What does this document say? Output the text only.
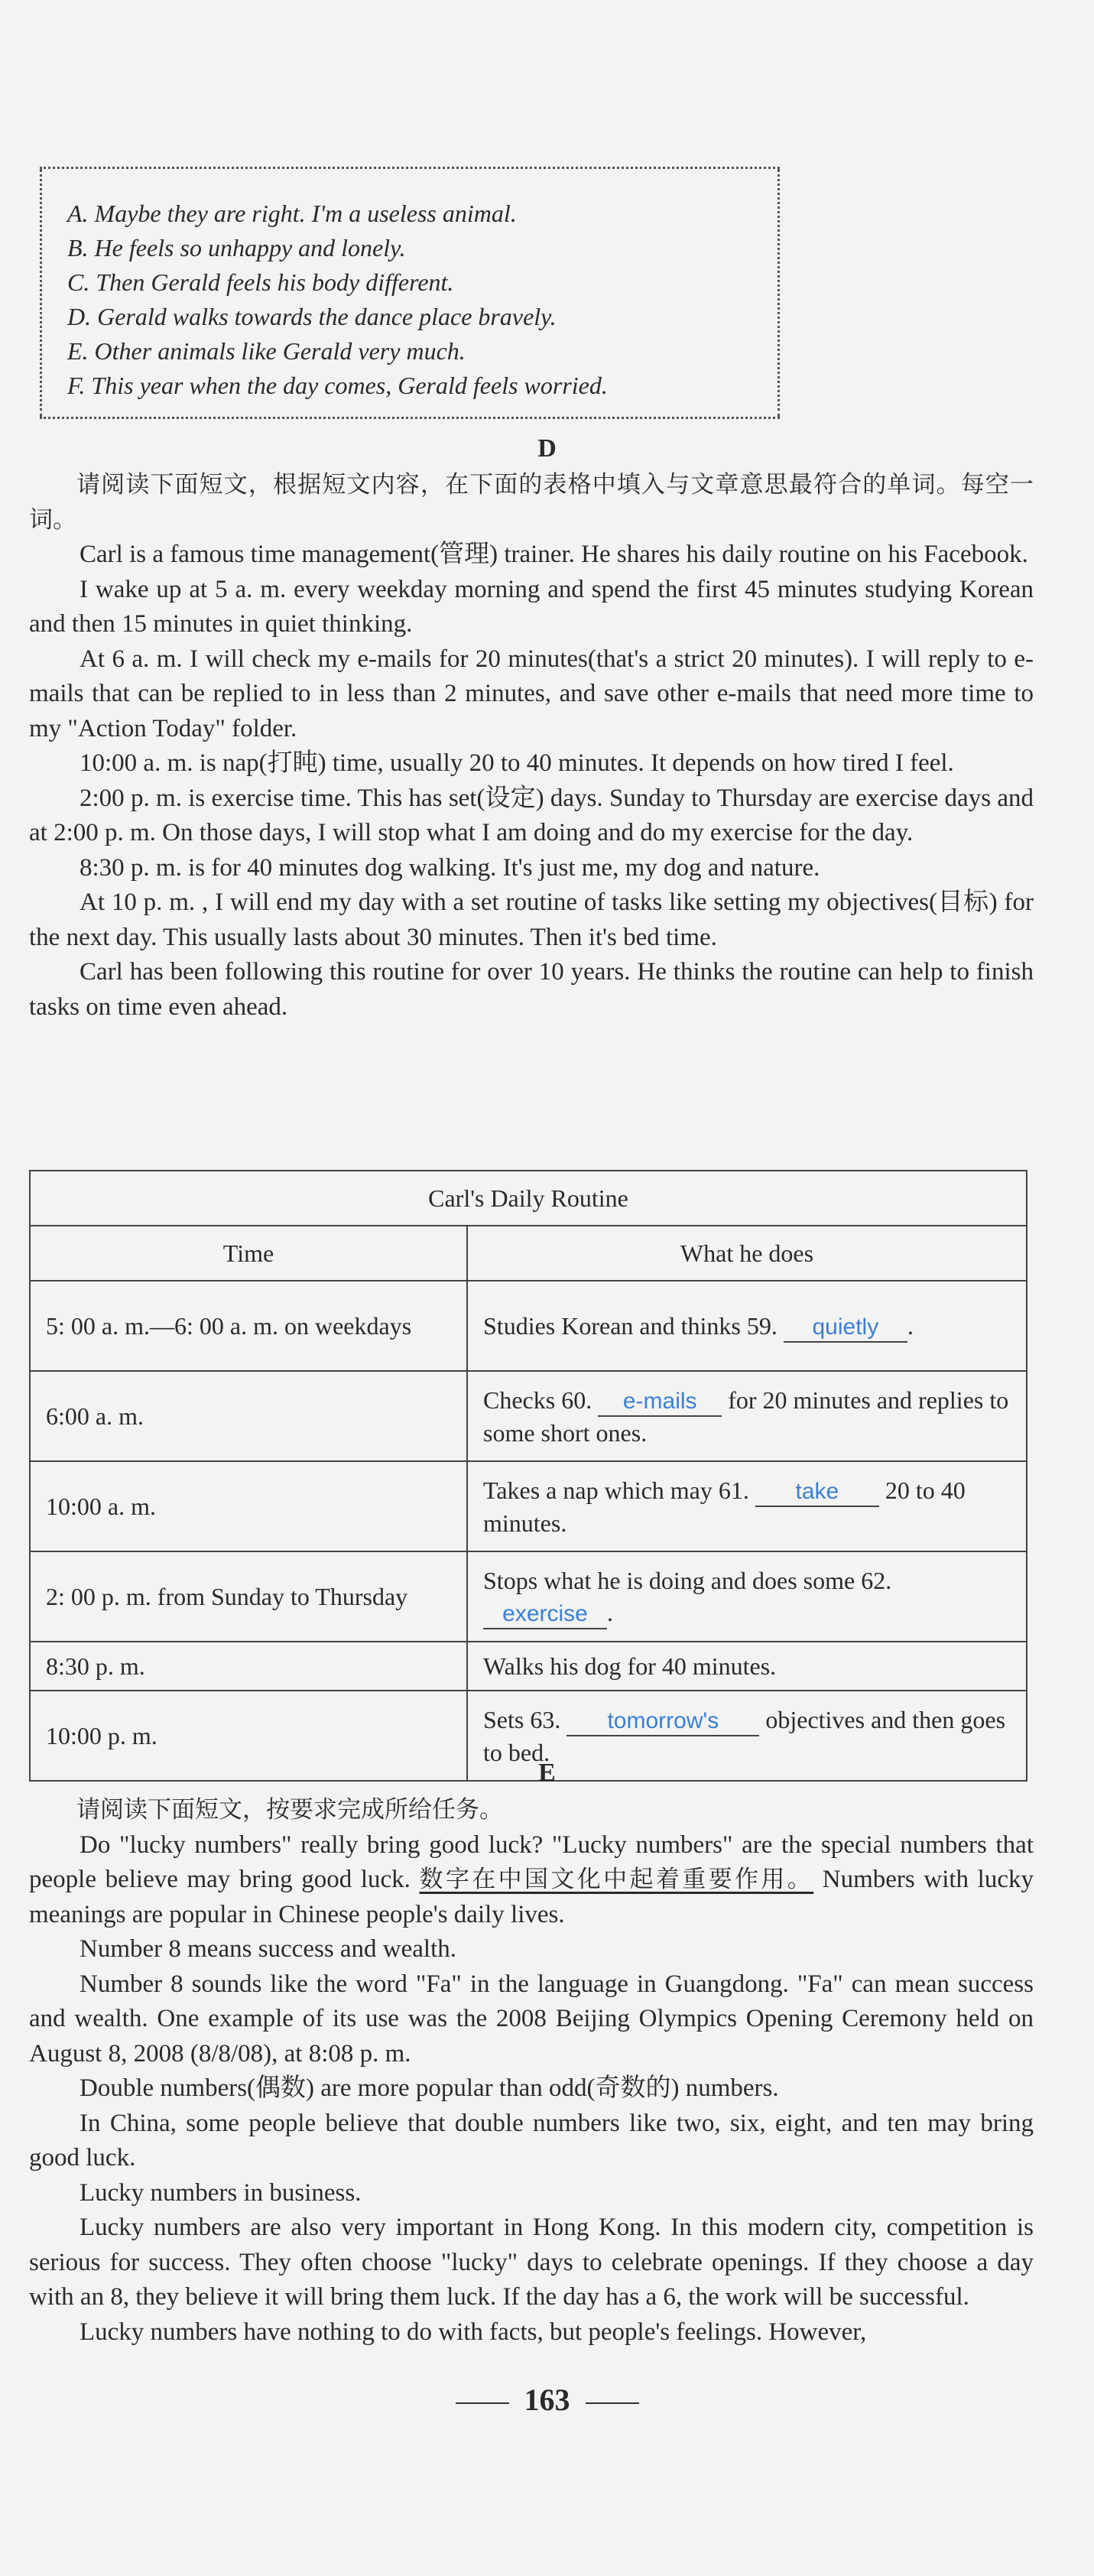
A. Maybe they are right. I'm a useless animal.
B. He feels so unhappy and lonely.
C. Then Gerald feels his body different.
D. Gerald walks towards the dance place bravely.
E. Other animals like Gerald very much.
F. This year when the day comes, Gerald feels worried.
D

请阅读下面短文，根据短文内容，在下面的表格中填入与文章意思最符合的单词。每空一词。

Carl is a famous time management(管理) trainer. He shares his daily routine on his Facebook.

I wake up at 5 a. m. every weekday morning and spend the first 45 minutes studying Korean and then 15 minutes in quiet thinking.

At 6 a. m. I will check my e-mails for 20 minutes(that's a strict 20 minutes). I will reply to e-mails that can be replied to in less than 2 minutes, and save other e-mails that need more time to my "Action Today" folder.

10:00 a. m. is nap(打盹) time, usually 20 to 40 minutes. It depends on how tired I feel.

2:00 p. m. is exercise time. This has set(设定) days. Sunday to Thursday are exercise days and at 2:00 p. m. On those days, I will stop what I am doing and do my exercise for the day.

8:30 p. m. is for 40 minutes dog walking. It's just me, my dog and nature.

At 10 p. m. , I will end my day with a set routine of tasks like setting my objectives(目标) for the next day. This usually lasts about 30 minutes. Then it's bed time.

Carl has been following this routine for over 10 years. He thinks the routine can help to finish tasks on time even ahead.

Carl's Daily Routine	
Time	What he does
5: 00 a. m.—6: 00 a. m. on weekdays	Studies Korean and thinks 59. quietly .
6:00 a. m.	Checks 60. e-mails for 20 minutes and replies to some short ones.
10:00 a. m.	Takes a nap which may 61. take 20 to 40 minutes.
2: 00 p. m. from Sunday to Thursday	Stops what he is doing and does some 62. exercise .
8:30 p. m.	Walks his dog for 40 minutes.
10:00 p. m.	Sets 63. tomorrow's objectives and then goes to bed.
E

请阅读下面短文，按要求完成所给任务。

Do "lucky numbers" really bring good luck? "Lucky numbers" are the special numbers that people believe may bring good luck. 数字在中国文化中起着重要作用。 Numbers with lucky meanings are popular in Chinese people's daily lives.

Number 8 means success and wealth.

Number 8 sounds like the word "Fa" in the language in Guangdong. "Fa" can mean success and wealth. One example of its use was the 2008 Beijing Olympics Opening Ceremony held on August 8, 2008 (8/8/08), at 8:08 p. m.

Double numbers(偶数) are more popular than odd(奇数的) numbers.

In China, some people believe that double numbers like two, six, eight, and ten may bring good luck.

Lucky numbers in business.

Lucky numbers are also very important in Hong Kong. In this modern city, competition is serious for success. They often choose "lucky" days to celebrate openings. If they choose a day with an 8, they believe it will bring them luck. If the day has a 6, the work will be successful.

Lucky numbers have nothing to do with facts, but people's feelings. However,

163
